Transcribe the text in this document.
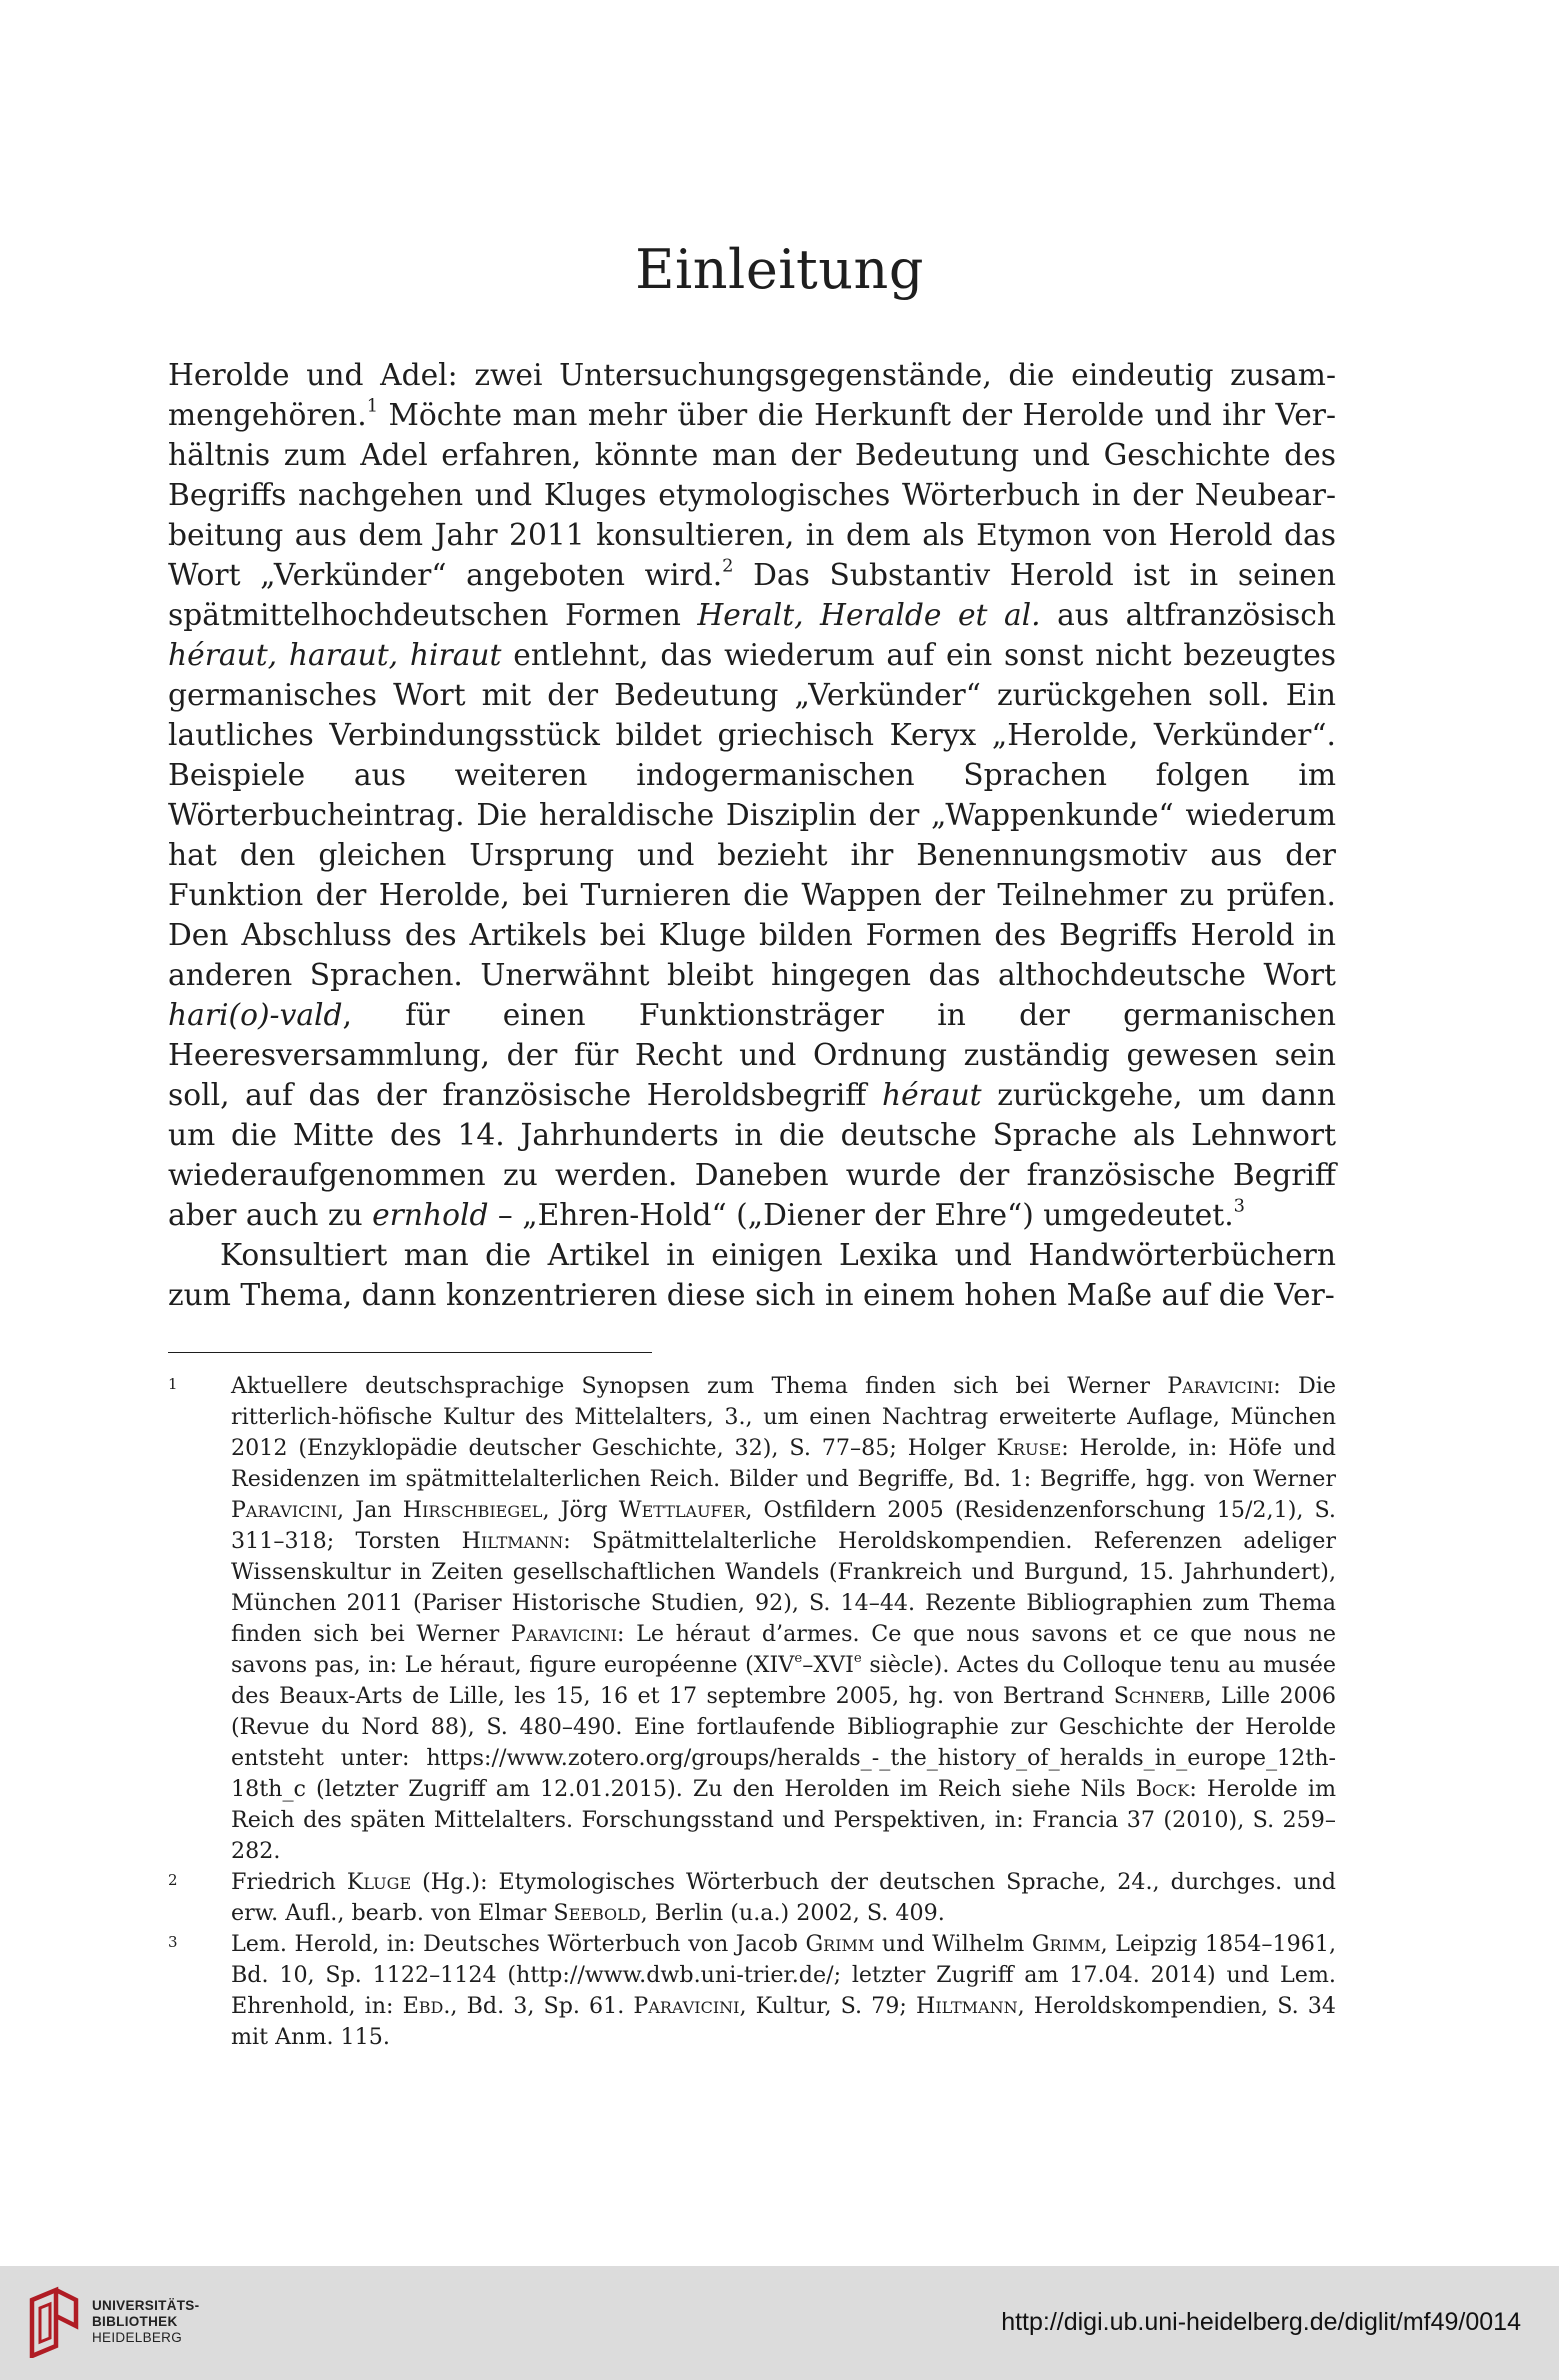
Einleitung

Herolde und Adel: zwei Untersuchungsgegenstände, die eindeutig zusammengehören.$^1$ Möchte man mehr über die Herkunft der Herolde und ihr Verhältnis zum Adel erfahren, könnte man der Bedeutung und Geschichte des Begriffs nachgehen und Kluges etymologisches Wörterbuch in der Neubearbeitung aus dem Jahr 2011 konsultieren, in dem als Etymon von Herold das Wort „Verkünder“ angeboten wird.$^2$ Das Substantiv Herold ist in seinen spätmittelhochdeutschen Formen Heralt, Heralde et al. aus altfranzösisch héraut, haraut, hiraut entlehnt, das wiederum auf ein sonst nicht bezeugtes germanisches Wort mit der Bedeutung „Verkünder“ zurückgehen soll. Ein lautliches Verbindungsstück bildet griechisch Keryx „Herolde, Verkünder“. Beispiele aus weiteren indogermanischen Sprachen folgen im Wörterbucheintrag. Die heraldische Disziplin der „Wappenkunde“ wiederum hat den gleichen Ursprung und bezieht ihr Benennungsmotiv aus der Funktion der Herolde, bei Turnieren die Wappen der Teilnehmer zu prüfen. Den Abschluss des Artikels bei Kluge bilden Formen des Begriffs Herold in anderen Sprachen. Unerwähnt bleibt hingegen das althochdeutsche Wort hari(o)-vald, für einen Funktionsträger in der germanischen Heeresversammlung, der für Recht und Ordnung zuständig gewesen sein soll, auf das der französische Heroldsbegriff héraut zurückgehe, um dann um die Mitte des 14. Jahrhunderts in die deutsche Sprache als Lehnwort wiederaufgenommen zu werden. Daneben wurde der französische Begriff aber auch zu ernhold – „Ehren-Hold“ („Diener der Ehre“) umgedeutet.$^3$

Konsultiert man die Artikel in einigen Lexika und Handwörterbüchern zum Thema, dann konzentrieren diese sich in einem hohen Maße auf die Ver-

1	Aktuellere deutschsprachige Synopsen zum Thema finden sich bei Werner Paravicini: Die ritterlich-höfische Kultur des Mittelalters, 3., um einen Nachtrag erweiterte Auflage, München 2012 (Enzyklopädie deutscher Geschichte, 32), S. 77–85; Holger Kruse: Herolde, in: Höfe und Residenzen im spätmittelalterlichen Reich. Bilder und Begriffe, Bd. 1: Begriffe, hgg. von Werner Paravicini, Jan Hirschbiegel, Jörg Wettlaufer, Ostfildern 2005 (Residenzenforschung 15/2,1), S. 311–318; Torsten Hiltmann: Spätmittelalterliche Heroldskompendien. Referenzen adeliger Wissenskultur in Zeiten gesellschaftlichen Wandels (Frankreich und Burgund, 15. Jahrhundert), München 2011 (Pariser Historische Studien, 92), S. 14–44. Rezente Bibliographien zum Thema finden sich bei Werner Paravicini: Le héraut d’armes. Ce que nous savons et ce que nous ne savons pas, in: Le héraut, figure européenne (XIVe–XVIe siècle). Actes du Colloque tenu au musée des Beaux-Arts de Lille, les 15, 16 et 17 septembre 2005, hg. von Bertrand Schnerb, Lille 2006 (Revue du Nord 88), S. 480–490. Eine fortlaufende Bibliographie zur Geschichte der Herolde entsteht unter: https://www.zotero.org/groups/heralds_-_the_history_of_heralds_in_europe_12th-18th_c (letzter Zugriff am 12.01.2015). Zu den Herolden im Reich siehe Nils Bock: Herolde im Reich des späten Mittelalters. Forschungsstand und Perspektiven, in: Francia 37 (2010), S. 259–282.
2	Friedrich Kluge (Hg.): Etymologisches Wörterbuch der deutschen Sprache, 24., durchges. und erw. Aufl., bearb. von Elmar Seebold, Berlin (u.a.) 2002, S. 409.
3	Lem. Herold, in: Deutsches Wörterbuch von Jacob Grimm und Wilhelm Grimm, Leipzig 1854–1961, Bd. 10, Sp. 1122–1124 (http://www.dwb.uni-trier.de/; letzter Zugriff am 17.04. 2014) und Lem. Ehrenhold, in: Ebd., Bd. 3, Sp. 61. Paravicini, Kultur, S. 79; Hiltmann, Heroldskompendien, S. 34 mit Anm. 115.
UNIVERSITÄTS-
BIBLIOTHEK
HEIDELBERG
http://digi.ub.uni-heidelberg.de/diglit/mf49/0014
